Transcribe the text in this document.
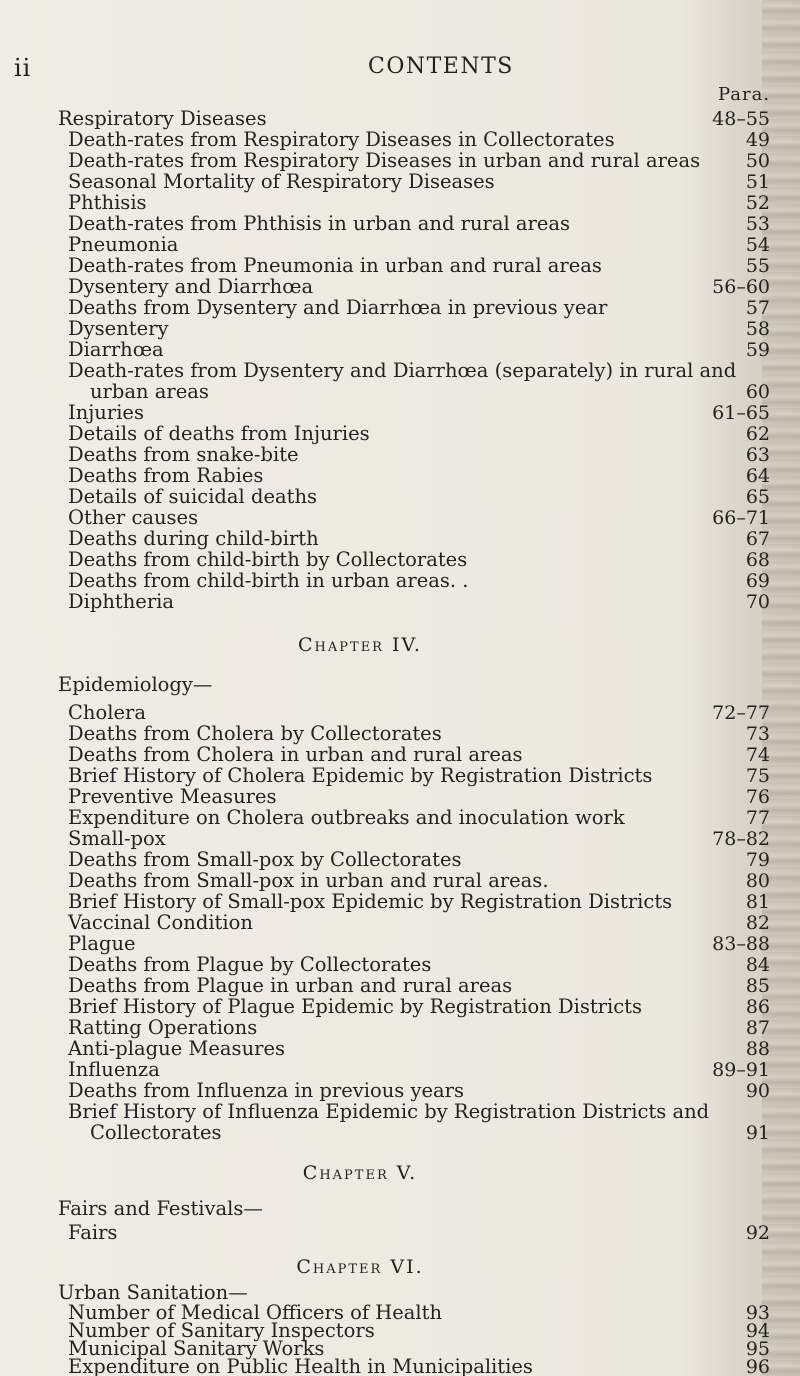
ii	CONTENTS
Para.
Respiratory Diseases	48–55
Death-rates from Respiratory Diseases in Collectorates	49
Death-rates from Respiratory Diseases in urban and rural areas	50
Seasonal Mortality of Respiratory Diseases	51
Phthisis	52
Death-rates from Phthisis in urban and rural areas	53
Pneumonia	54
Death-rates from Pneumonia in urban and rural areas	55
Dysentery and Diarrhœa	56–60
Deaths from Dysentery and Diarrhœa in previous year	57
Dysentery	58
Diarrhœa	59
Death-rates from Dysentery and Diarrhœa (separately) in rural and
urban areas	60
Injuries	61–65
Details of deaths from Injuries	62
Deaths from snake-bite	63
Deaths from Rabies	64
Details of suicidal deaths	65
Other causes	66–71
Deaths during child-birth	67
Deaths from child-birth by Collectorates	68
Deaths from child-birth in urban areas. .	69
Diphtheria	70
Chapter IV.
Epidemiology—
Cholera	72–77
Deaths from Cholera by Collectorates	73
Deaths from Cholera in urban and rural areas	74
Brief History of Cholera Epidemic by Registration Districts	75
Preventive Measures	76
Expenditure on Cholera outbreaks and inoculation work	77
Small-pox	78–82
Deaths from Small-pox by Collectorates	79
Deaths from Small-pox in urban and rural areas.	80
Brief History of Small-pox Epidemic by Registration Districts	81
Vaccinal Condition	82
Plague	83–88
Deaths from Plague by Collectorates	84
Deaths from Plague in urban and rural areas	85
Brief History of Plague Epidemic by Registration Districts	86
Ratting Operations	87
Anti-plague Measures	88
Influenza	89–91
Deaths from Influenza in previous years	90
Brief History of Influenza Epidemic by Registration Districts and
Collectorates	91
Chapter V.
Fairs and Festivals—
Fairs	92
Chapter VI.
Urban Sanitation—
Number of Medical Officers of Health	93
Number of Sanitary Inspectors	94
Municipal Sanitary Works	95
Expenditure on Public Health in Municipalities	96
